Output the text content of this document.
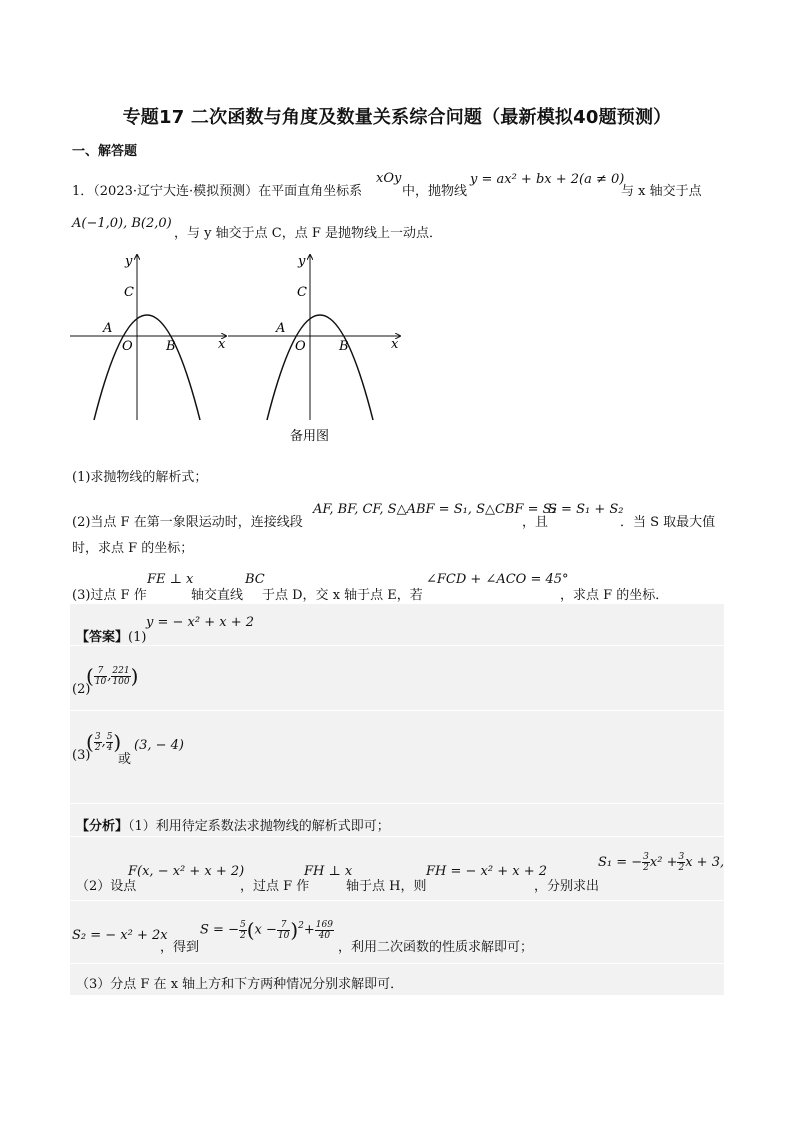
专题17 二次函数与角度及数量关系综合问题（最新模拟40题预测）
一、解答题
1．（2023·辽宁大连·模拟预测）在平面直角坐标系
xOy
中，抛物线
y = ax² + bx + 2(a ≠ 0)
与 x 轴交于点
A(−1,0), B(2,0)
，与 y 轴交于点 C，点 F 是抛物线上一动点．
y
x
C
A
O	B
y
x
C
A
O	B
备用图
(1)求抛物线的解析式；
(2)当点 F 在第一象限运动时，连接线段
AF, BF, CF, S△ABF = S₁, S△CBF = S₂
，且
S = S₁ + S₂
．当 S 取最大值
时，求点 F 的坐标；
(3)过点 F 作
FE ⊥ x
轴交直线
BC
于点 D，交 x 轴于点 E，若
∠FCD + ∠ACO = 45°
，求点 F 的坐标．
【答案】(1)
y = − x² + x + 2
(2)
( $\frac{7}{10}$ , $\frac{221}{100}$ )
(3)
( $\frac{3}{2}$ , $\frac{5}{4}$ )
或
(3, − 4)
【分析】（1）利用待定系数法求抛物线的解析式即可；
（2）设点
F(x, − x² + x + 2)
，过点 F 作
FH ⊥ x
轴于点 H，则
FH = − x² + x + 2
，分别求出
S₁ = − $\frac{3}{2} x^2 + \frac{3}{2}$ x + 3,
S₂ = − x² + 2x
，得到
S = − $\frac{5}{2} (x - \frac{7}{10} )^2+ \frac{169}{40}$
，利用二次函数的性质求解即可；
（3）分点 F 在 x 轴上方和下方两种情况分别求解即可．
